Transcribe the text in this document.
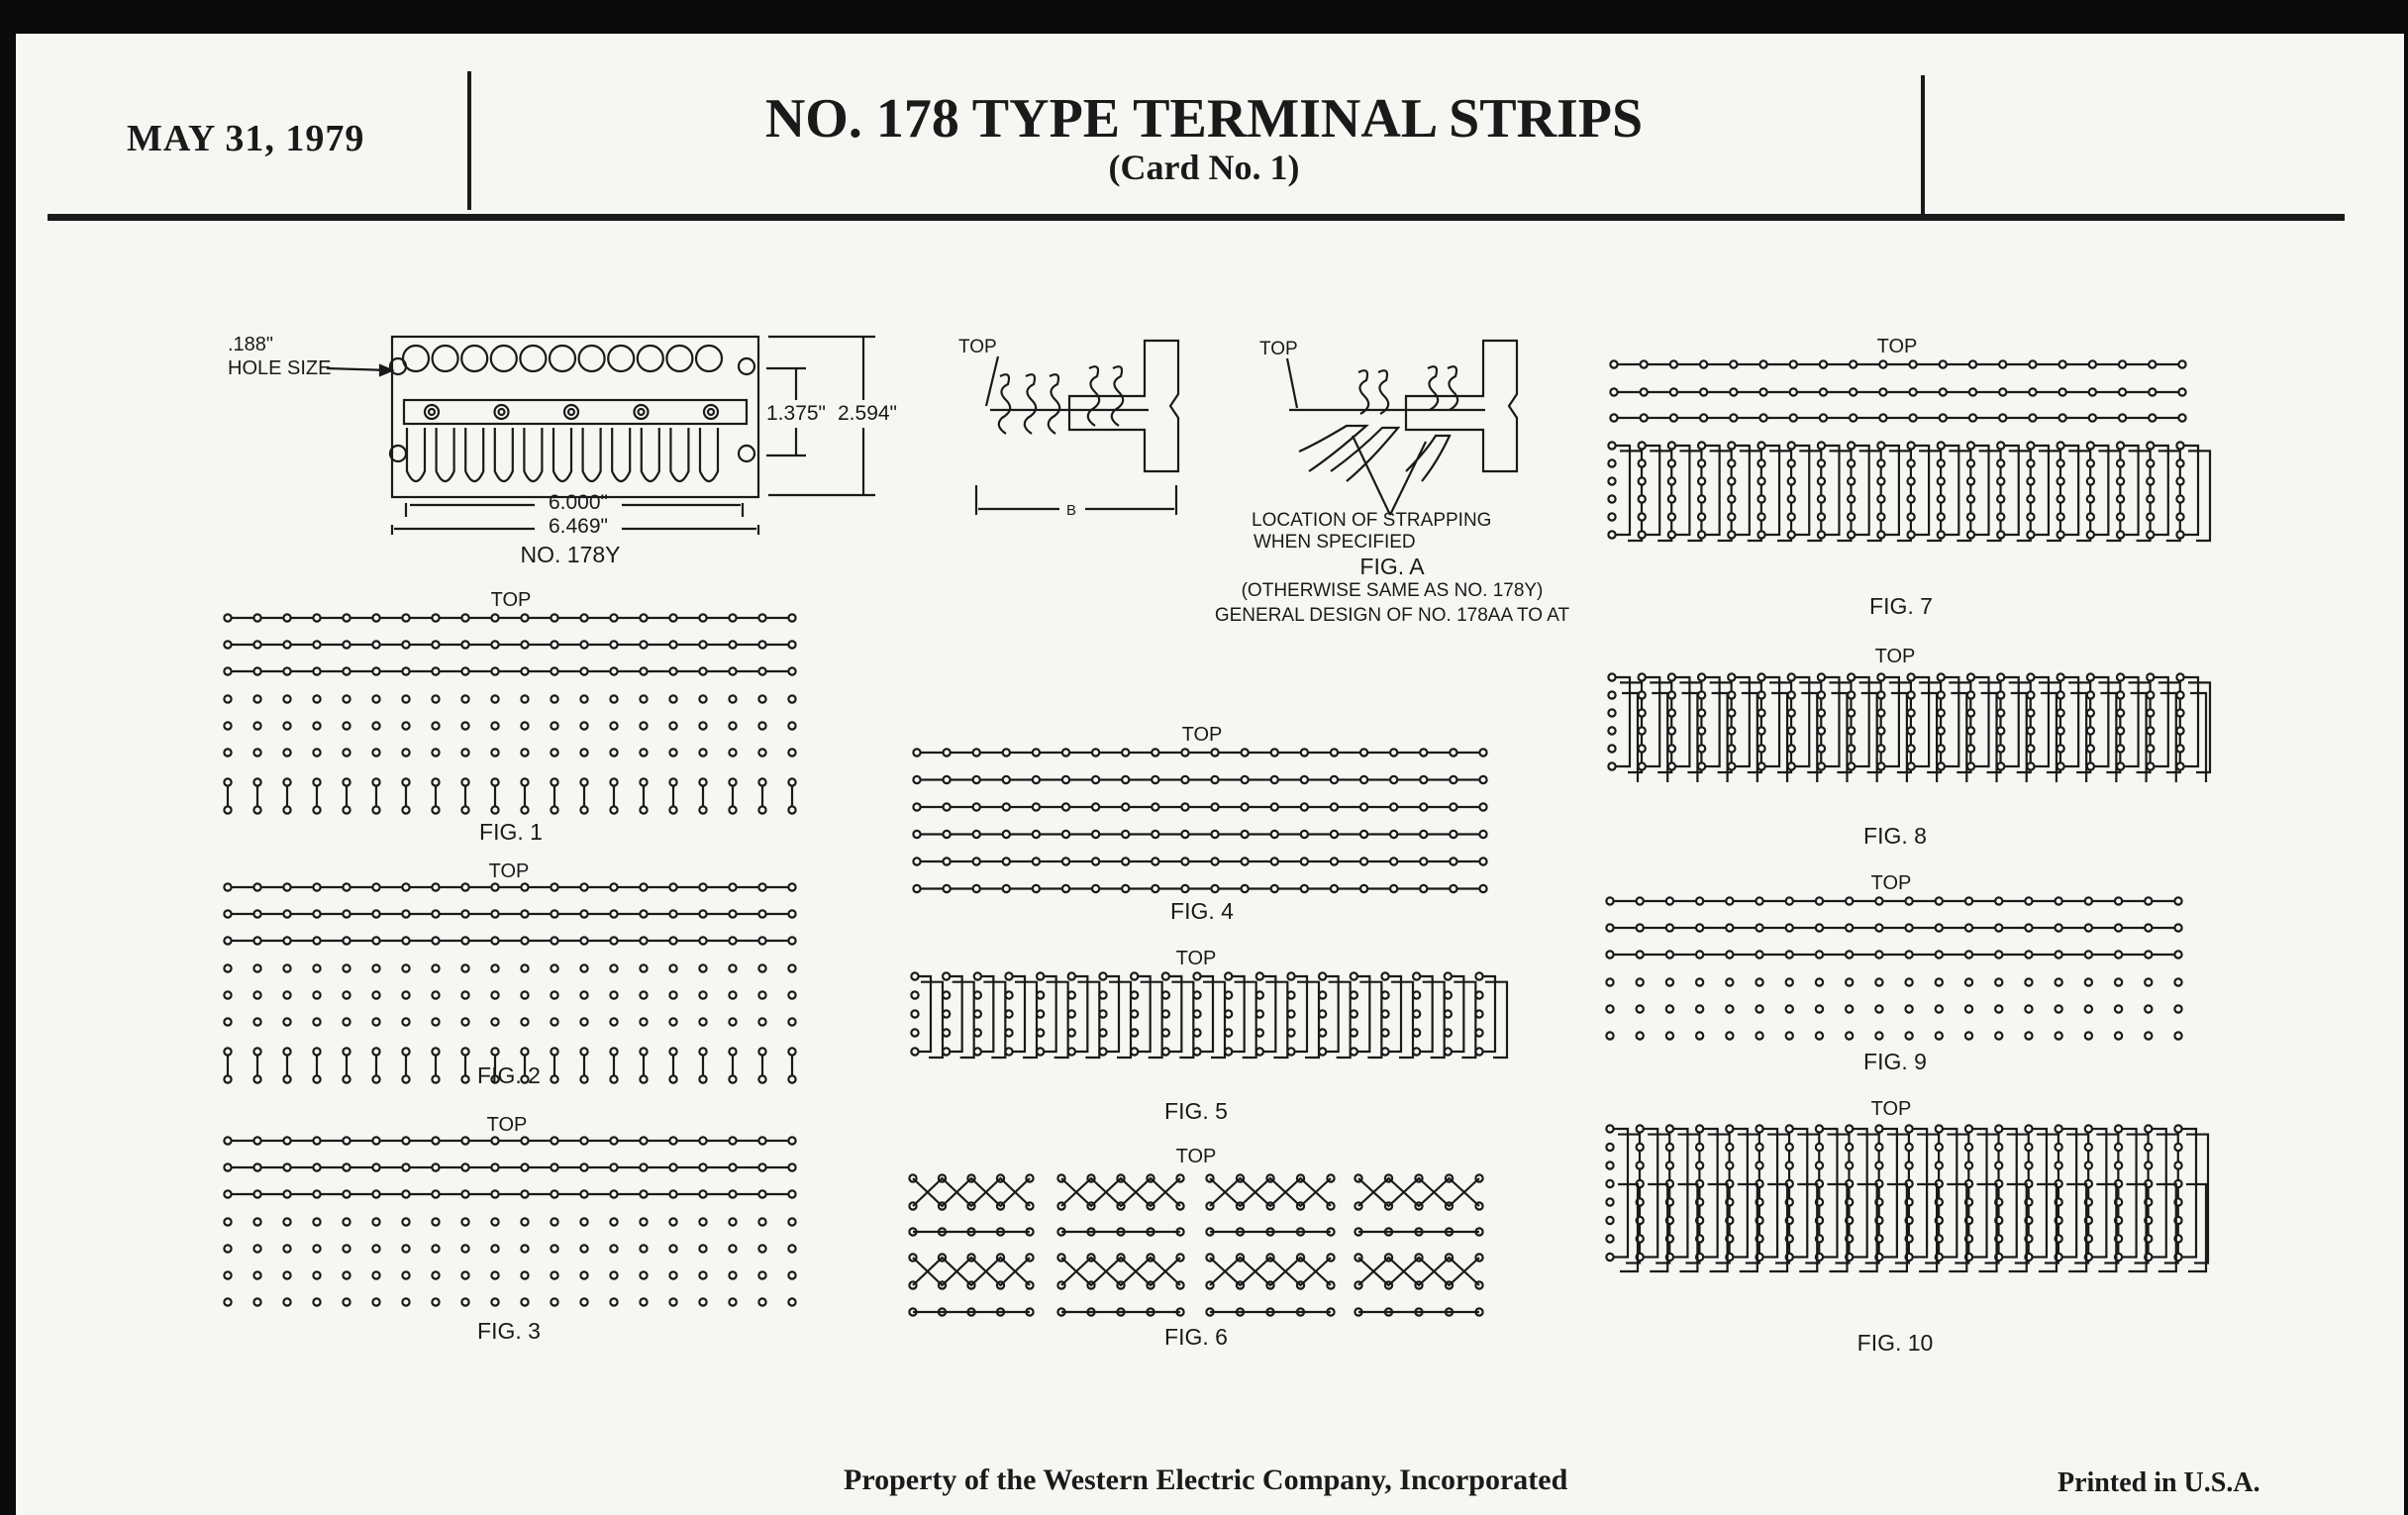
MAY 31, 1979	NO. 178 TYPE TERMINAL STRIPS
(Card No. 1)
.188"
HOLE SIZE
1.375" 2.594"
6.000"
6.469"
NO. 178Y
TOP
B
TOP
LOCATION OF STRAPPING
WHEN SPECIFIED
FIG. A
(OTHERWISE SAME AS NO. 178Y)
GENERAL DESIGN OF NO. 178AA TO AT
TOP
FIG. 1
TOP
FIG. 2
TOP
FIG. 3
TOP
FIG. 4
TOP
FIG. 5
TOP
FIG. 6
TOP
FIG. 7
TOP
FIG. 8
TOP
FIG. 9
TOP
FIG. 10
Property of the Western Electric Company, Incorporated	Printed in U.S.A.
